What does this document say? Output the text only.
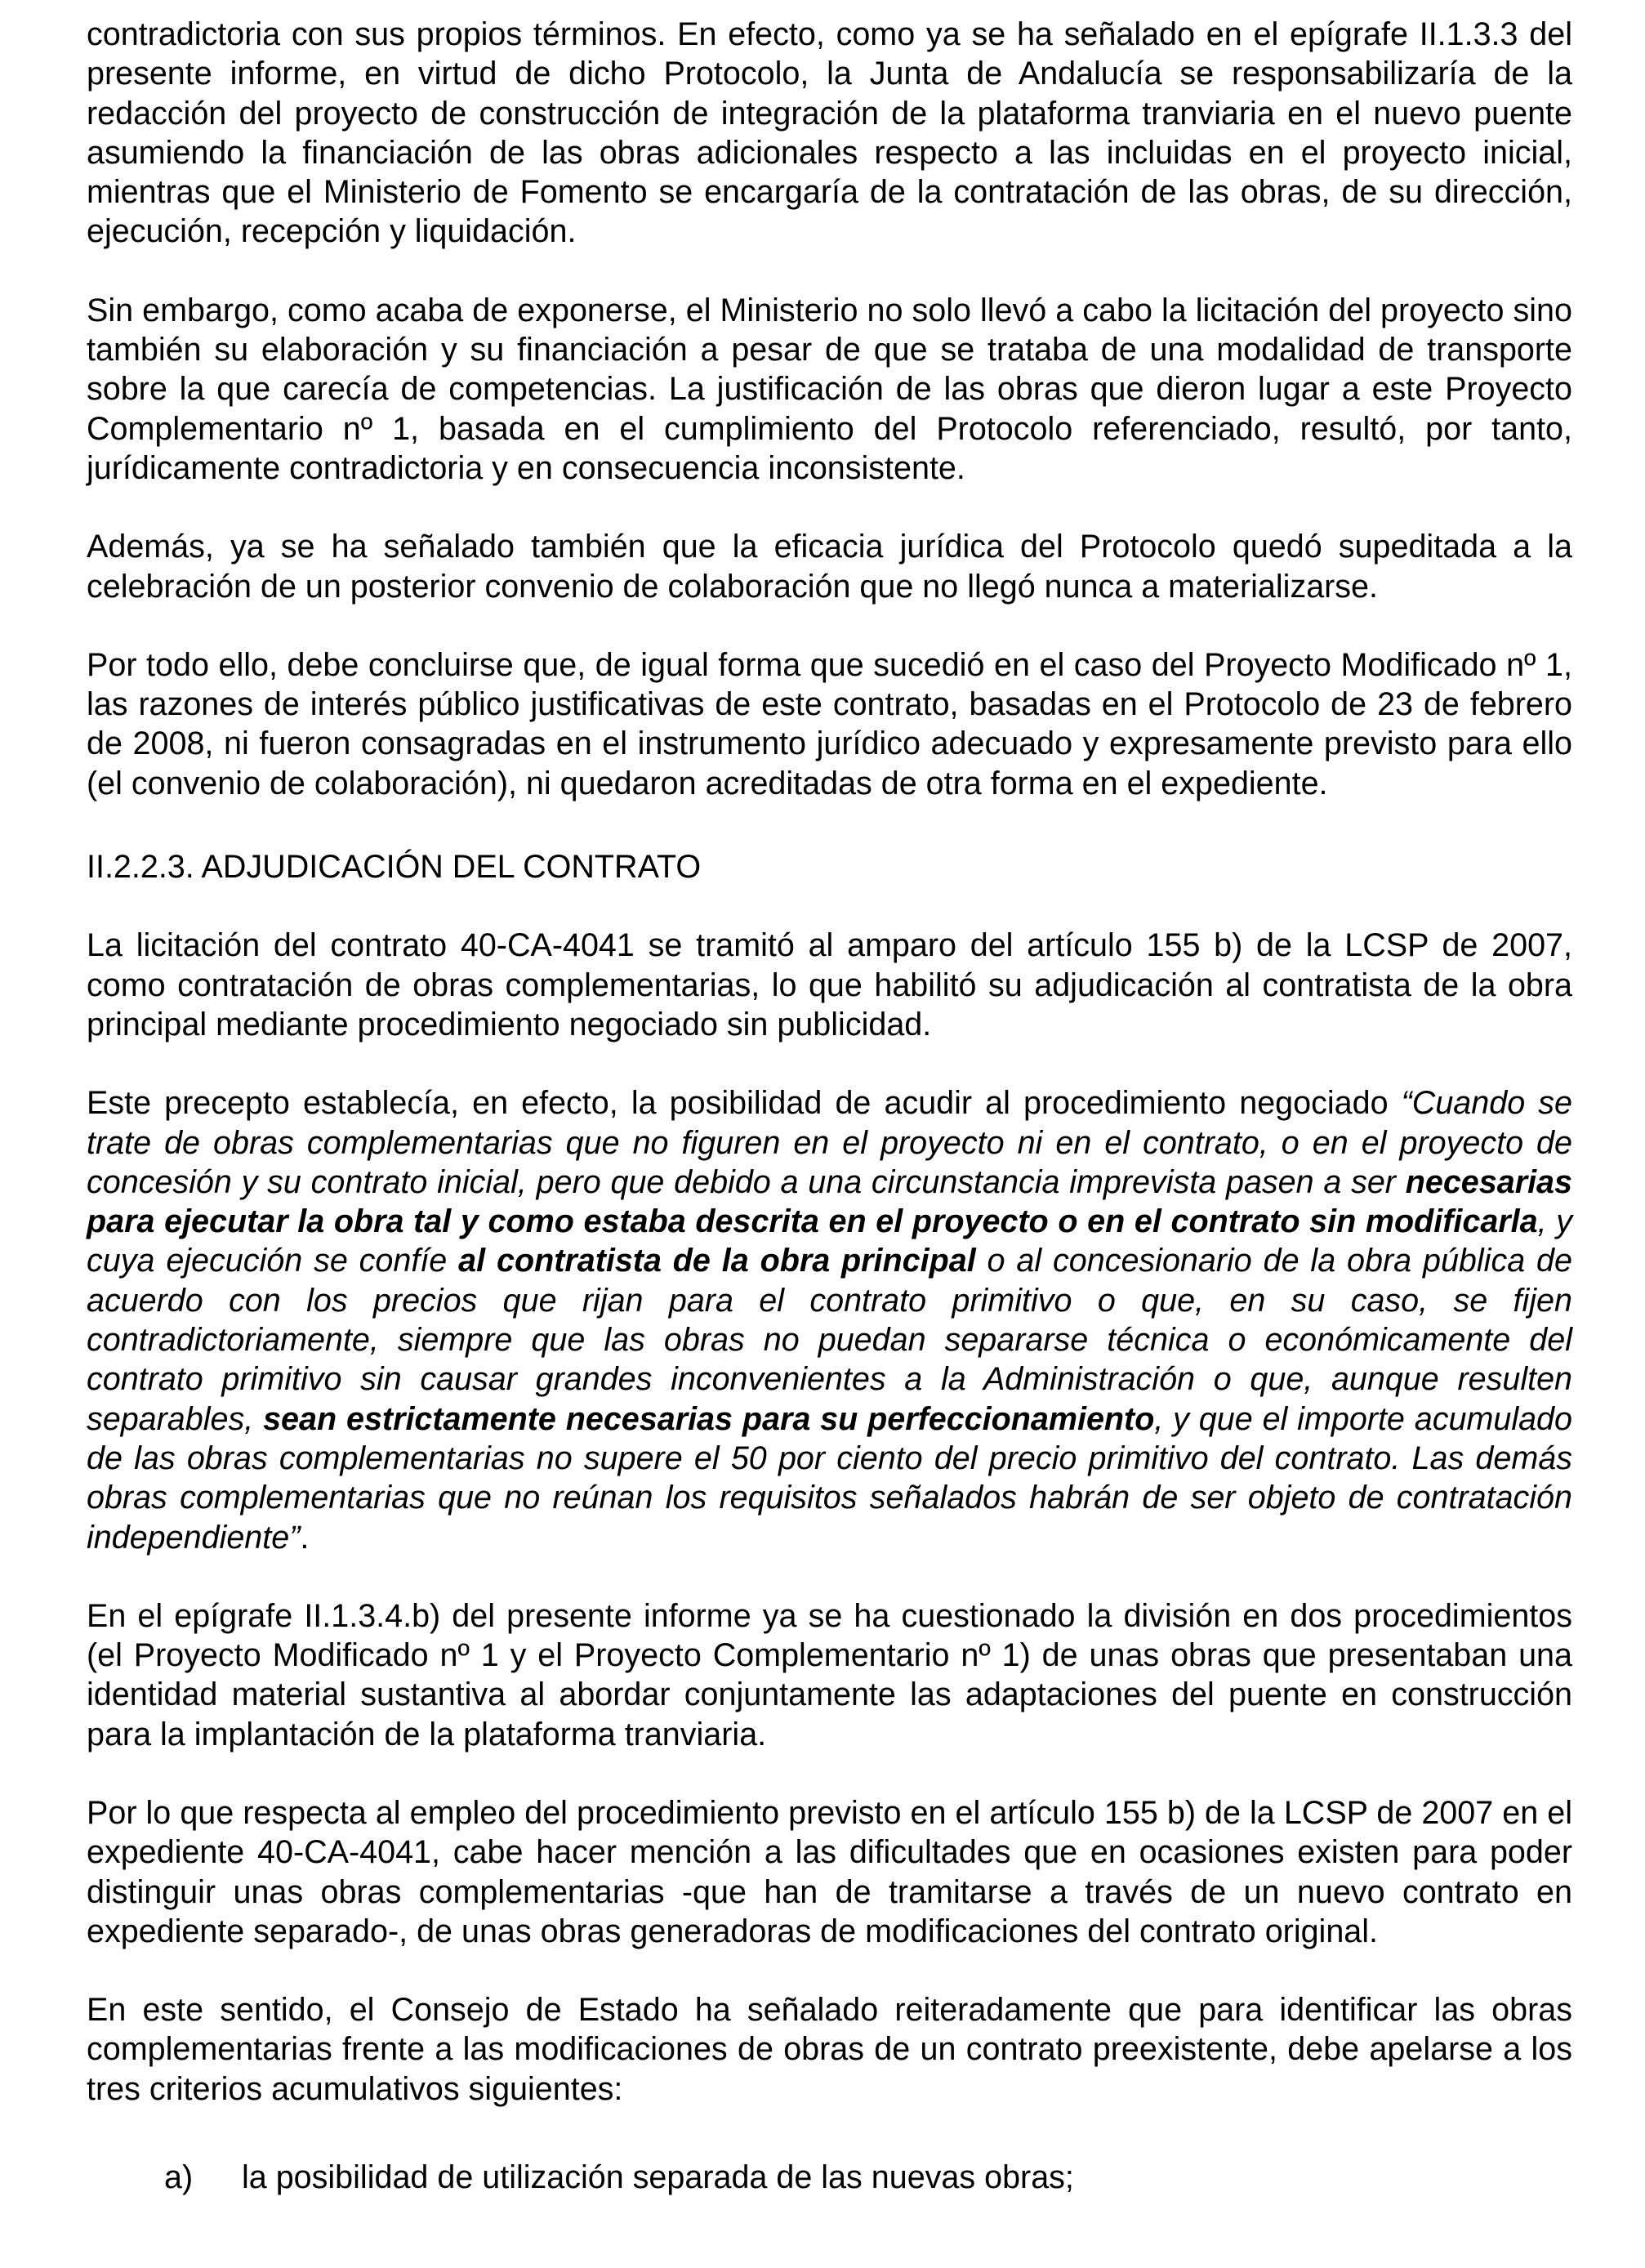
contradictoria con sus propios términos. En efecto, como ya se ha señalado en el epígrafe II.1.3.3 del presente informe, en virtud de dicho Protocolo, la Junta de Andalucía se responsabilizaría de la redacción del proyecto de construcción de integración de la plataforma tranviaria en el nuevo puente asumiendo la financiación de las obras adicionales respecto a las incluidas en el proyecto inicial, mientras que el Ministerio de Fomento se encargaría de la contratación de las obras, de su dirección, ejecución, recepción y liquidación.

Sin embargo, como acaba de exponerse, el Ministerio no solo llevó a cabo la licitación del proyecto sino también su elaboración y su financiación a pesar de que se trataba de una modalidad de transporte sobre la que carecía de competencias. La justificación de las obras que dieron lugar a este Proyecto Complementario nº 1, basada en el cumplimiento del Protocolo referenciado, resultó, por tanto, jurídicamente contradictoria y en consecuencia inconsistente.

Además, ya se ha señalado también que la eficacia jurídica del Protocolo quedó supeditada a la celebración de un posterior convenio de colaboración que no llegó nunca a materializarse.

Por todo ello, debe concluirse que, de igual forma que sucedió en el caso del Proyecto Modificado nº 1, las razones de interés público justificativas de este contrato, basadas en el Protocolo de 23 de febrero de 2008, ni fueron consagradas en el instrumento jurídico adecuado y expresamente previsto para ello (el convenio de colaboración), ni quedaron acreditadas de otra forma en el expediente.

II.2.2.3. ADJUDICACIÓN DEL CONTRATO

La licitación del contrato 40-CA-4041 se tramitó al amparo del artículo 155 b) de la LCSP de 2007, como contratación de obras complementarias, lo que habilitó su adjudicación al contratista de la obra principal mediante procedimiento negociado sin publicidad.

Este precepto establecía, en efecto, la posibilidad de acudir al procedimiento negociado “Cuando se trate de obras complementarias que no figuren en el proyecto ni en el contrato, o en el proyecto de concesión y su contrato inicial, pero que debido a una circunstancia imprevista pasen a ser necesarias para ejecutar la obra tal y como estaba descrita en el proyecto o en el contrato sin modificarla, y cuya ejecución se confíe al contratista de la obra principal o al concesionario de la obra pública de acuerdo con los precios que rijan para el contrato primitivo o que, en su caso, se fijen contradictoriamente, siempre que las obras no puedan separarse técnica o económicamente del contrato primitivo sin causar grandes inconvenientes a la Administración o que, aunque resulten separables, sean estrictamente necesarias para su perfeccionamiento, y que el importe acumulado de las obras complementarias no supere el 50 por ciento del precio primitivo del contrato. Las demás obras complementarias que no reúnan los requisitos señalados habrán de ser objeto de contratación independiente”.

En el epígrafe II.1.3.4.b) del presente informe ya se ha cuestionado la división en dos procedimientos (el Proyecto Modificado nº 1 y el Proyecto Complementario nº 1) de unas obras que presentaban una identidad material sustantiva al abordar conjuntamente las adaptaciones del puente en construcción para la implantación de la plataforma tranviaria.

Por lo que respecta al empleo del procedimiento previsto en el artículo 155 b) de la LCSP de 2007 en el expediente 40-CA-4041, cabe hacer mención a las dificultades que en ocasiones existen para poder distinguir unas obras complementarias -que han de tramitarse a través de un nuevo contrato en expediente separado-, de unas obras generadoras de modificaciones del contrato original.

En este sentido, el Consejo de Estado ha señalado reiteradamente que para identificar las obras complementarias frente a las modificaciones de obras de un contrato preexistente, debe apelarse a los tres criterios acumulativos siguientes:

a)	la posibilidad de utilización separada de las nuevas obras;
